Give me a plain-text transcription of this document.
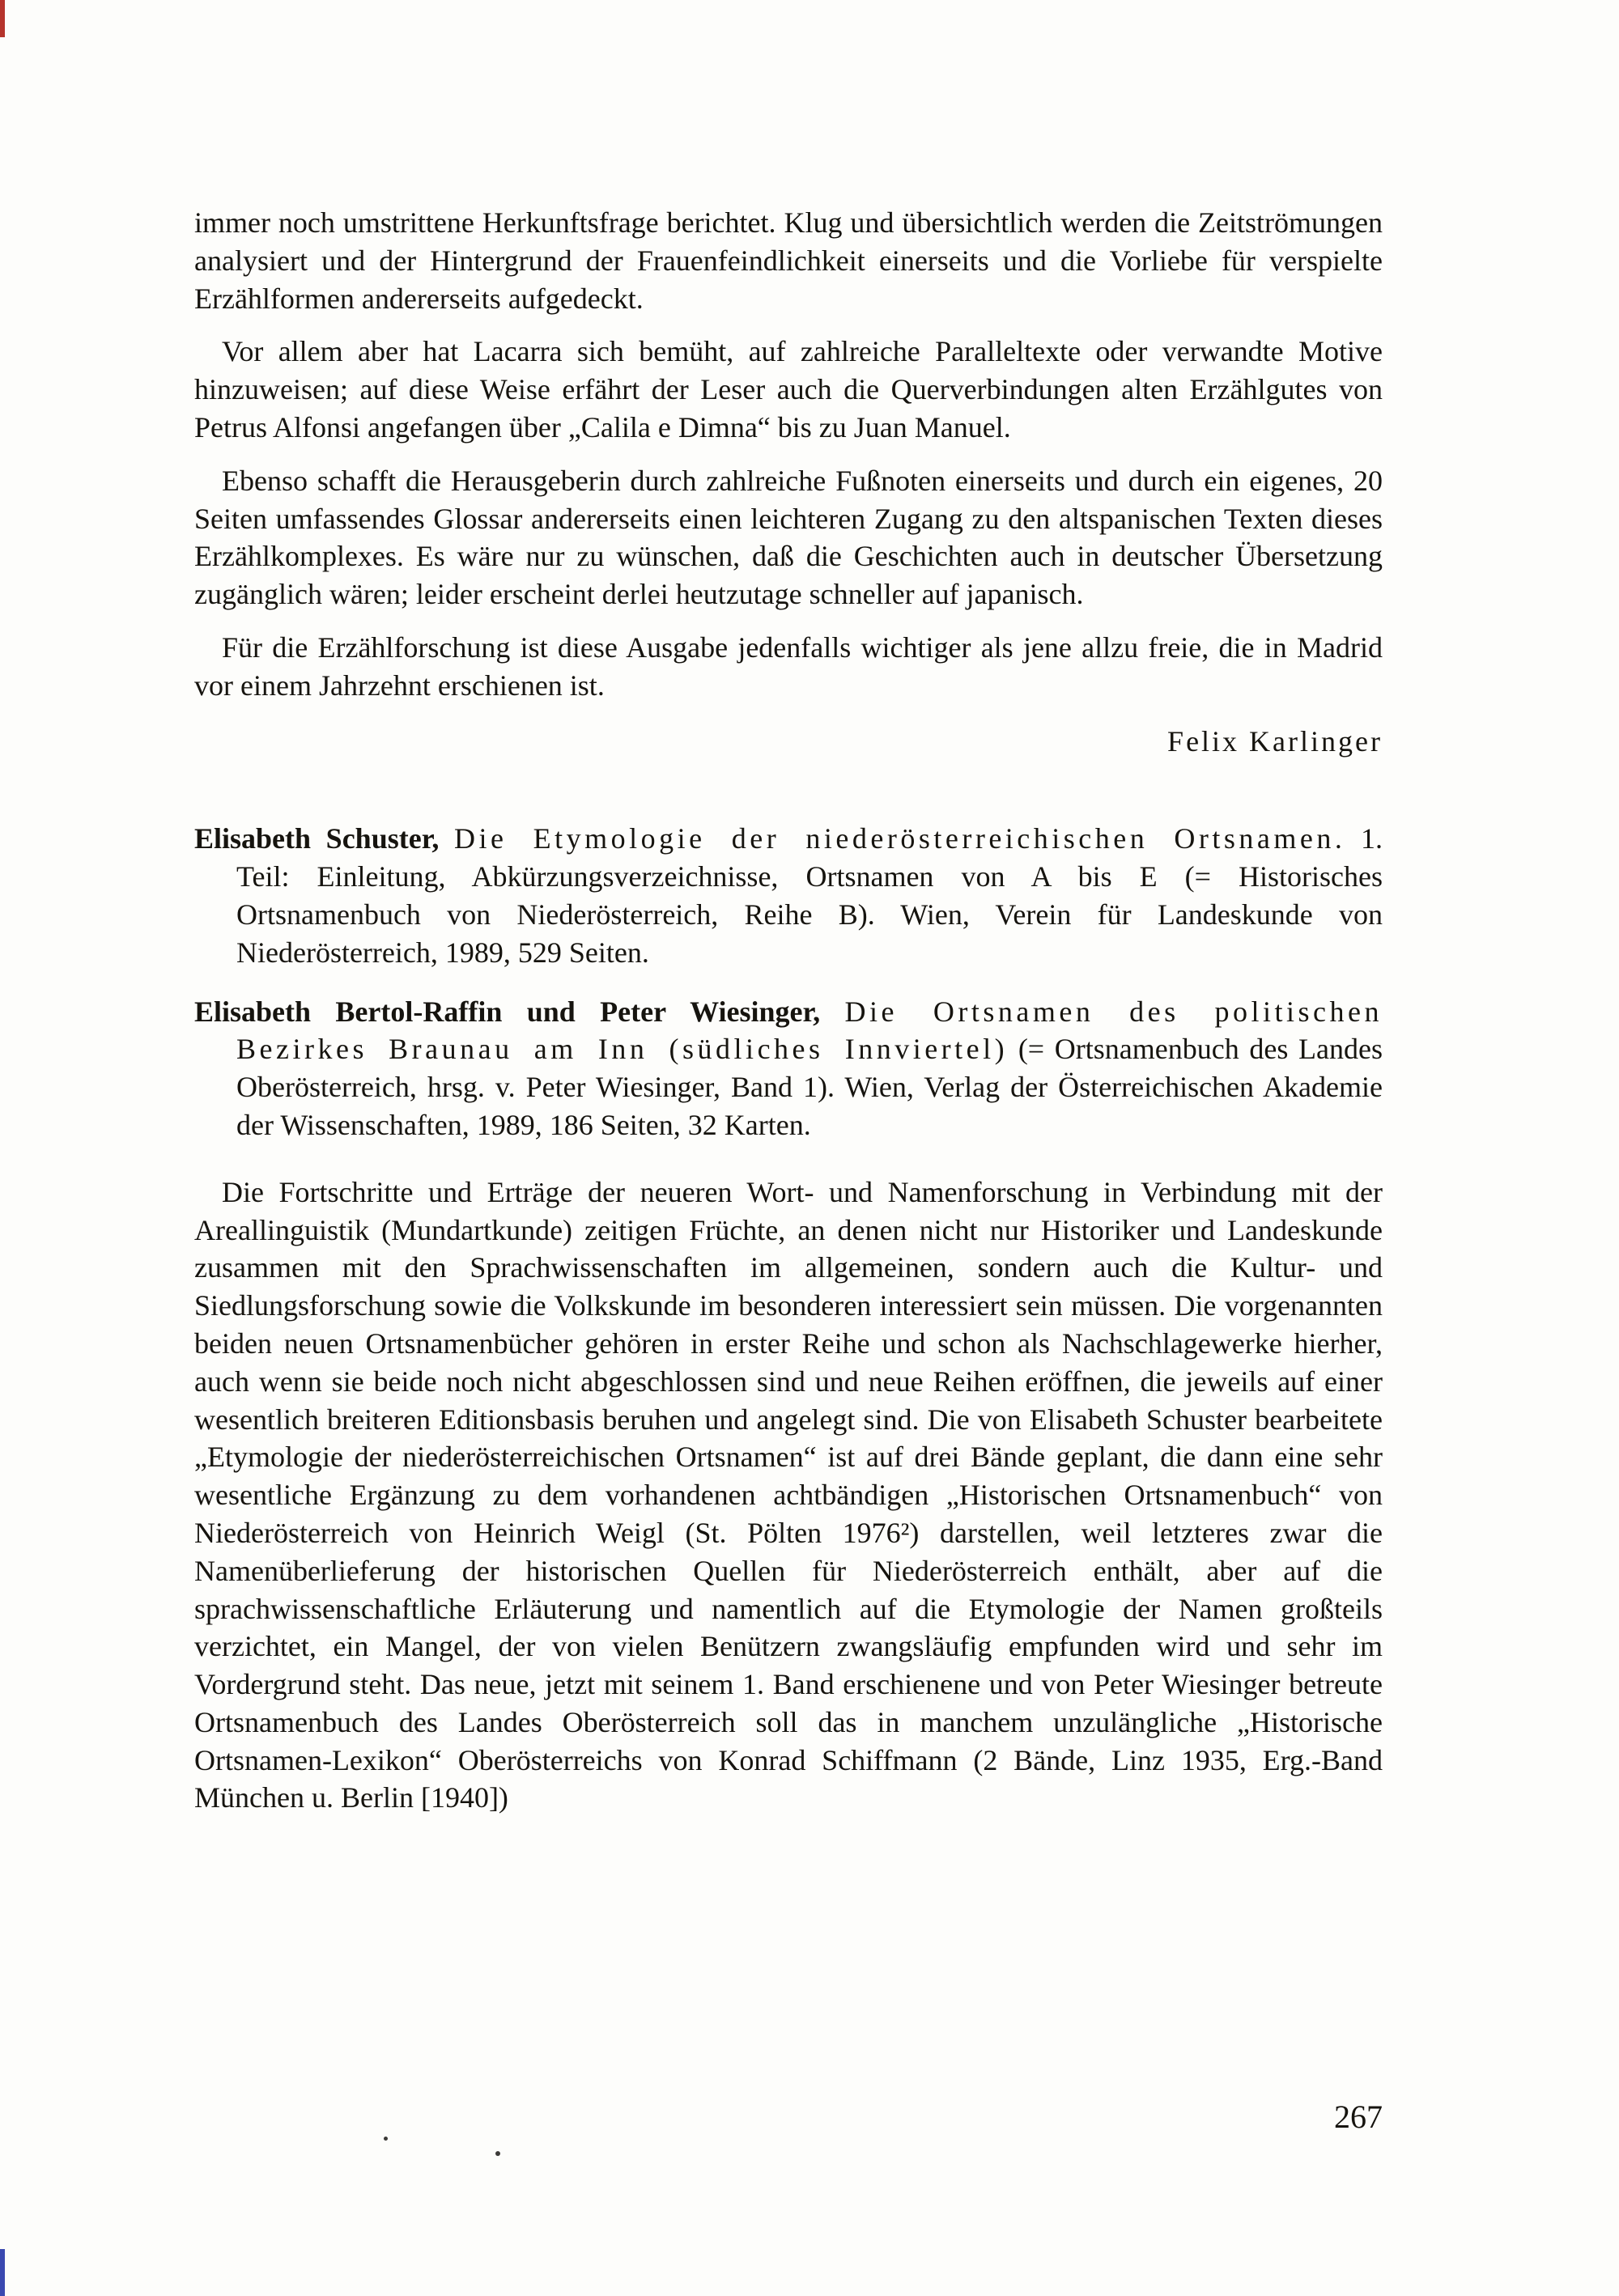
immer noch umstrittene Herkunftsfrage berichtet. Klug und übersichtlich werden die Zeitströmungen analysiert und der Hintergrund der Frauenfeindlichkeit einerseits und die Vorliebe für verspielte Erzählformen andererseits aufgedeckt.

Vor allem aber hat Lacarra sich bemüht, auf zahlreiche Paralleltexte oder verwandte Motive hinzuweisen; auf diese Weise erfährt der Leser auch die Querverbindungen alten Erzählgutes von Petrus Alfonsi angefangen über „Calila e Dimna“ bis zu Juan Manuel.

Ebenso schafft die Herausgeberin durch zahlreiche Fußnoten einerseits und durch ein eigenes, 20 Seiten umfassendes Glossar andererseits einen leichteren Zugang zu den altspanischen Texten dieses Erzählkomplexes. Es wäre nur zu wünschen, daß die Geschichten auch in deutscher Übersetzung zugänglich wären; leider erscheint derlei heutzutage schneller auf japanisch.

Für die Erzählforschung ist diese Ausgabe jedenfalls wichtiger als jene allzu freie, die in Madrid vor einem Jahrzehnt erschienen ist.

Felix Karlinger

Elisabeth Schuster, Die Etymologie der niederösterreichischen Ortsnamen. 1. Teil: Einleitung, Abkürzungsverzeichnisse, Ortsnamen von A bis E (= Historisches Ortsnamenbuch von Niederösterreich, Reihe B). Wien, Verein für Landeskunde von Niederösterreich, 1989, 529 Seiten.

Elisabeth Bertol-Raffin und Peter Wiesinger, Die Ortsnamen des politischen Bezirkes Braunau am Inn (südliches Innviertel) (= Ortsnamenbuch des Landes Oberösterreich, hrsg. v. Peter Wiesinger, Band 1). Wien, Verlag der Österreichischen Akademie der Wissenschaften, 1989, 186 Seiten, 32 Karten.

Die Fortschritte und Erträge der neueren Wort- und Namenforschung in Verbindung mit der Areallinguistik (Mundartkunde) zeitigen Früchte, an denen nicht nur Historiker und Landeskunde zusammen mit den Sprachwissenschaften im allgemeinen, sondern auch die Kultur- und Siedlungsforschung sowie die Volkskunde im besonderen interessiert sein müssen. Die vorgenannten beiden neuen Ortsnamenbücher gehören in erster Reihe und schon als Nachschlagewerke hierher, auch wenn sie beide noch nicht abgeschlossen sind und neue Reihen eröffnen, die jeweils auf einer wesentlich breiteren Editionsbasis beruhen und angelegt sind. Die von Elisabeth Schuster bearbeitete „Etymologie der niederösterreichischen Ortsnamen“ ist auf drei Bände geplant, die dann eine sehr wesentliche Ergänzung zu dem vorhandenen achtbändigen „Historischen Ortsnamenbuch“ von Niederösterreich von Heinrich Weigl (St. Pölten 1976²) darstellen, weil letzteres zwar die Namenüberlieferung der historischen Quellen für Niederösterreich enthält, aber auf die sprachwissenschaftliche Erläuterung und namentlich auf die Etymologie der Namen großteils verzichtet, ein Mangel, der von vielen Benützern zwangsläufig empfunden wird und sehr im Vordergrund steht. Das neue, jetzt mit seinem 1. Band erschienene und von Peter Wiesinger betreute Ortsnamenbuch des Landes Oberösterreich soll das in manchem unzulängliche „Historische Ortsnamen-Lexikon“ Oberösterreichs von Konrad Schiffmann (2 Bände, Linz 1935, Erg.-Band München u. Berlin [1940])

267
